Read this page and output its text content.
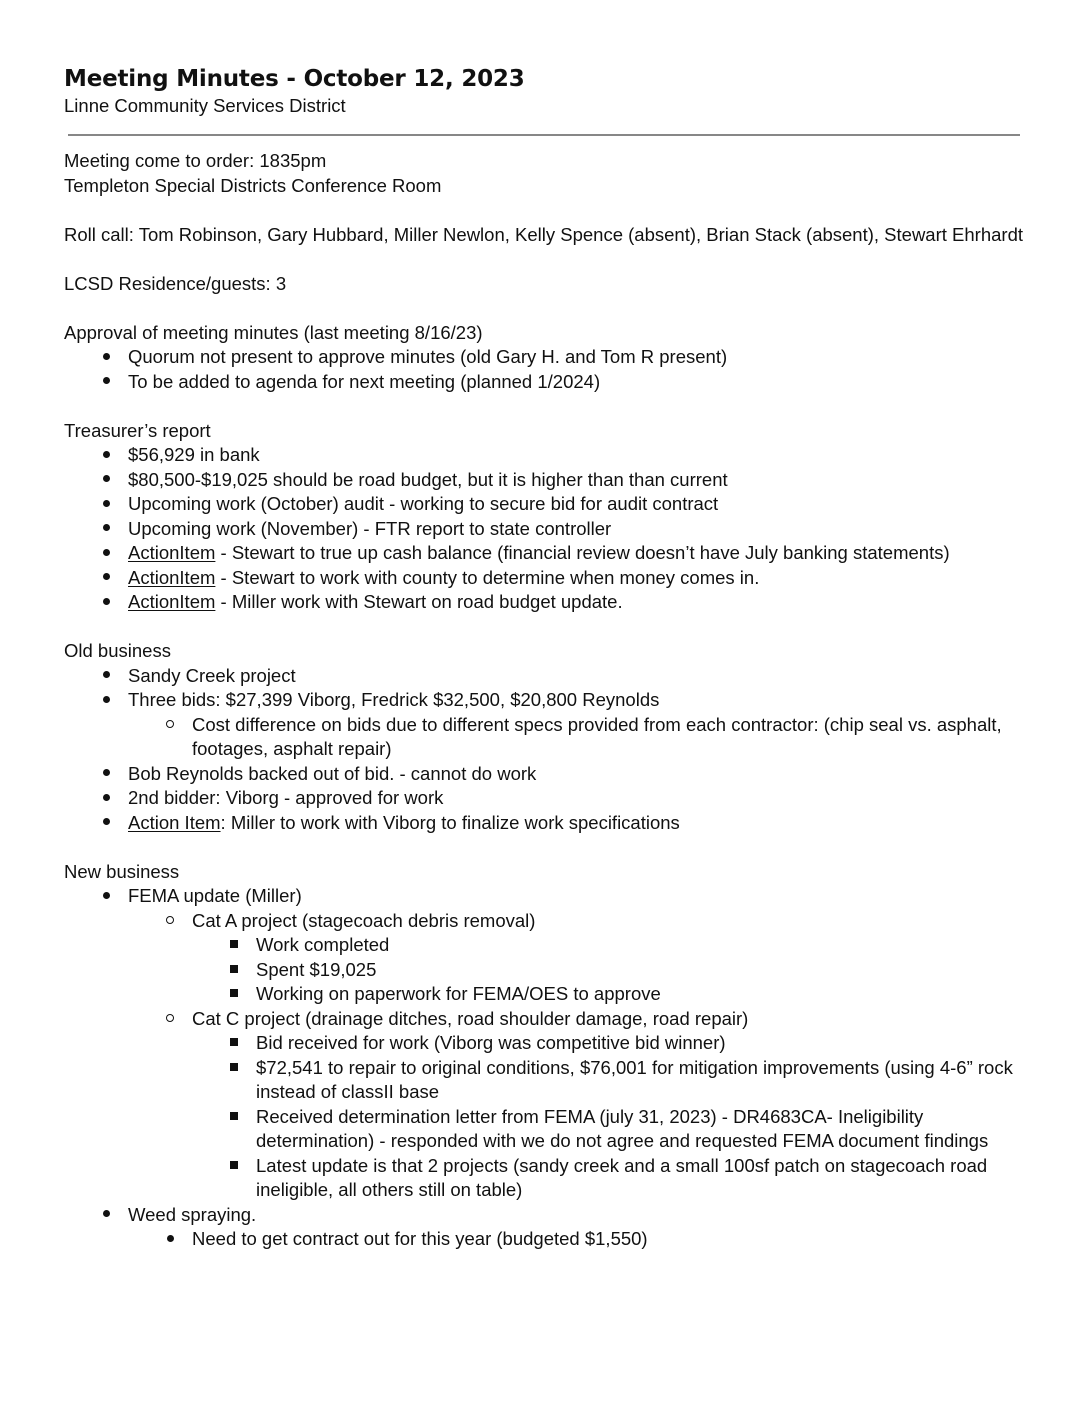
Meeting Minutes - October 12, 2023

Linne Community Services District

Meeting come to order: 1835pm

Templeton Special Districts Conference Room

Roll call: Tom Robinson, Gary Hubbard, Miller Newlon, Kelly Spence (absent), Brian Stack (absent), Stewart Ehrhardt

LCSD Residence/guests: 3

Approval of meeting minutes (last meeting 8/16/23)

Quorum not present to approve minutes (old Gary H. and Tom R present)
To be added to agenda for next meeting (planned 1/2024)

Treasurer’s report

$56,929 in bank
$80,500-$19,025 should be road budget, but it is higher than than current
Upcoming work (October) audit - working to secure bid for audit contract
Upcoming work (November) - FTR report to state controller
ActionItem - Stewart to true up cash balance (financial review doesn’t have July banking statements)
ActionItem - Stewart to work with county to determine when money comes in.
ActionItem - Miller work with Stewart on road budget update.

Old business

Sandy Creek project
Three bids: $27,399 Viborg, Fredrick $32,500, $20,800 Reynolds
Cost difference on bids due to different specs provided from each contractor: (chip seal vs. asphalt, footages, asphalt repair)
Bob Reynolds backed out of bid. - cannot do work
2nd bidder: Viborg - approved for work
Action Item: Miller to work with Viborg to finalize work specifications

New business

FEMA update (Miller)
Cat A project (stagecoach debris removal)
Work completed
Spent $19,025
Working on paperwork for FEMA/OES to approve
Cat C project (drainage ditches, road shoulder damage, road repair)
Bid received for work (Viborg was competitive bid winner)
$72,541 to repair to original conditions, $76,001 for mitigation improvements (using 4-6” rock instead of classII base
Received determination letter from FEMA (july 31, 2023) - DR4683CA- Ineligibility determination) - responded with we do not agree and requested FEMA document findings
Latest update is that 2 projects (sandy creek and a small 100sf patch on stagecoach road ineligible, all others still on table)
Weed spraying.
Need to get contract out for this year (budgeted $1,550)
